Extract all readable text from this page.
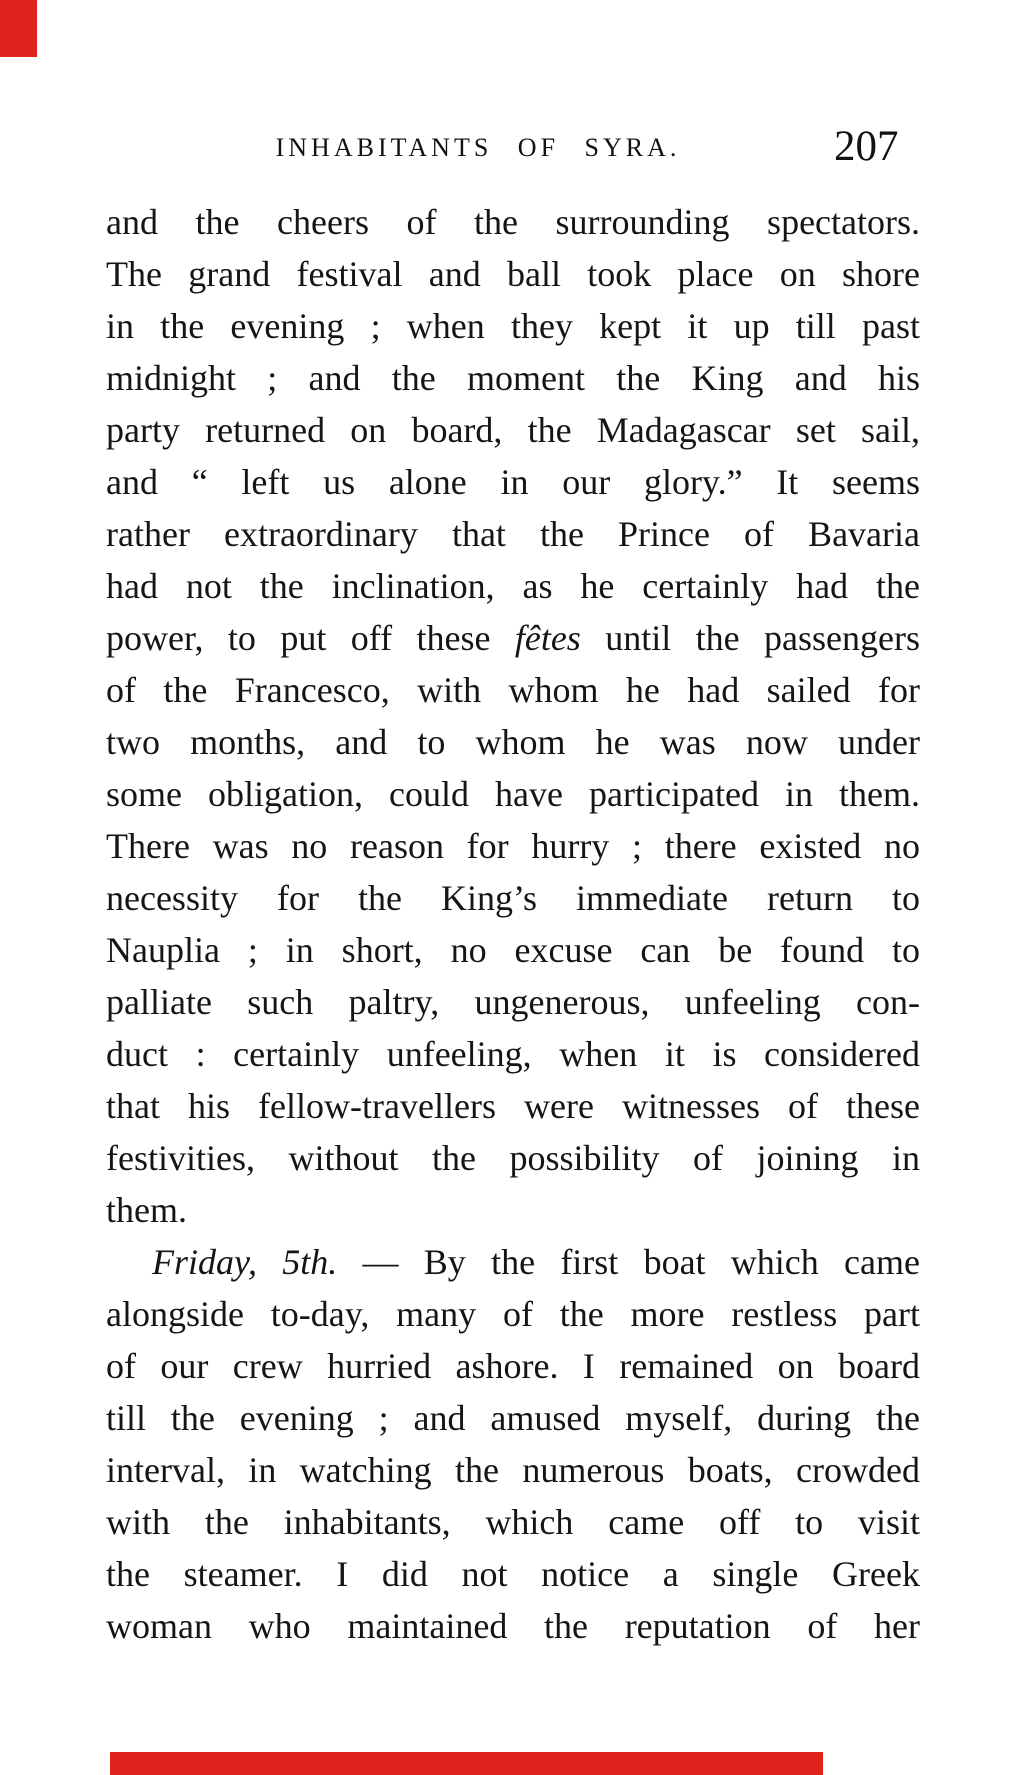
INHABITANTS OF SYRA.	207
and the cheers of the surrounding spectators.
The grand festival and ball took place on shore
in the evening ; when they kept it up till past
midnight ; and the moment the King and his
party returned on board, the Madagascar set sail,
and “ left us alone in our glory.” It seems
rather extraordinary that the Prince of Bavaria
had not the inclination, as he certainly had the
power, to put off these fêtes until the passengers
of the Francesco, with whom he had sailed for
two months, and to whom he was now under
some obligation, could have participated in them.
There was no reason for hurry ; there existed no
necessity for the King’s immediate return to
Nauplia ; in short, no excuse can be found to
palliate such paltry, ungenerous, unfeeling con-
duct : certainly unfeeling, when it is considered
that his fellow-travellers were witnesses of these
festivities, without the possibility of joining in
them.
Friday, 5th. — By the first boat which came
alongside to-day, many of the more restless part
of our crew hurried ashore. I remained on board
till the evening ; and amused myself, during the
interval, in watching the numerous boats, crowded
with the inhabitants, which came off to visit
the steamer. I did not notice a single Greek
woman who maintained the reputation of her
